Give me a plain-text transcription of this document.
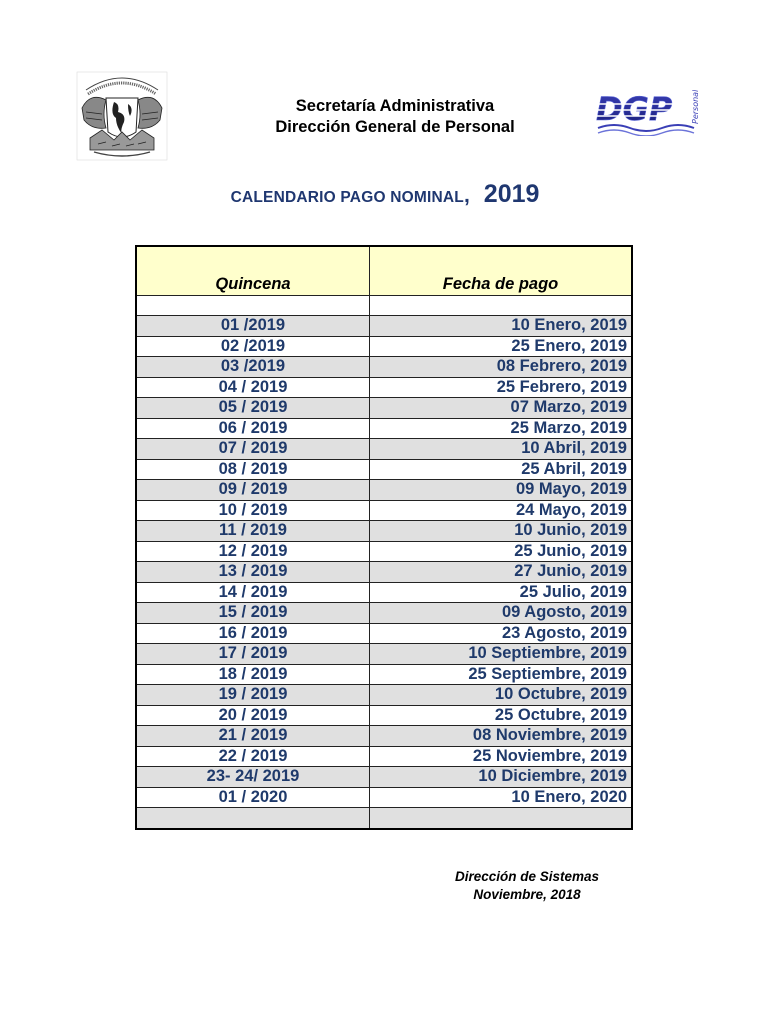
DGP Personal
Secretaría Administrativa
Dirección General de Personal
CALENDARIO PAGO NOMINAL, 2019
Quincena	Fecha de pago

01 /2019	10 Enero, 2019
02 /2019	25 Enero, 2019
03 /2019	08 Febrero, 2019
04 / 2019	25 Febrero, 2019
05 / 2019	07 Marzo, 2019
06 / 2019	25 Marzo, 2019
07 / 2019	10 Abril, 2019
08 / 2019	25 Abril, 2019
09 / 2019	09 Mayo, 2019
10 / 2019	24 Mayo, 2019
11 / 2019	10 Junio, 2019
12 / 2019	25 Junio, 2019
13 / 2019	27 Junio, 2019
14 / 2019	25 Julio, 2019
15 / 2019	09 Agosto, 2019
16 / 2019	23 Agosto, 2019
17 / 2019	10 Septiembre, 2019
18 / 2019	25 Septiembre, 2019
19 / 2019	10 Octubre, 2019
20 / 2019	25 Octubre, 2019
21 / 2019	08 Noviembre, 2019
22 / 2019	25 Noviembre, 2019
23- 24/ 2019	10 Diciembre, 2019
01 / 2020	10 Enero, 2020

Dirección de Sistemas
Noviembre, 2018
